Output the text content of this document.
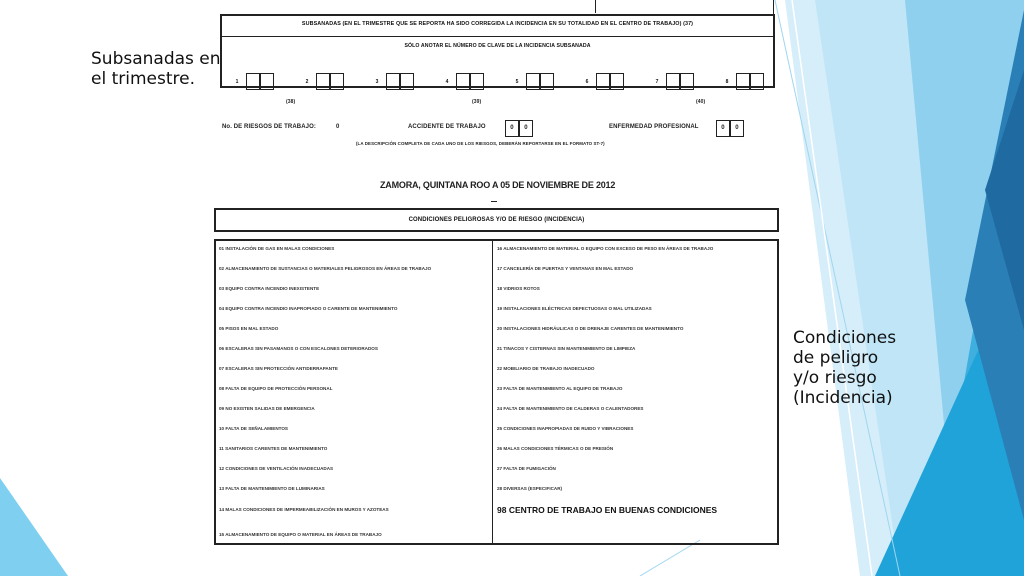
Subsanadas en
el trimestre.
Condiciones
de peligro
y/o riesgo
(Incidencia)
SUBSANADAS (EN EL TRIMESTRE QUE SE REPORTA HA SIDO CORREGIDA LA INCIDENCIA EN SU TOTALIDAD EN EL CENTRO DE TRABAJO) (37)
SÓLO ANOTAR EL NÚMERO DE CLAVE DE LA INCIDENCIA SUBSANADA
1	2	3	4	5	6	7	8
(38)	(39)	(40)
No. DE RIESGOS DE TRABAJO:	0	ACCIDENTE DE TRABAJO	0 0	ENFERMEDAD PROFESIONAL	0 0
(LA DESCRIPCIÓN COMPLETA DE CADA UNO DE LOS RIESGOS, DEBERÁN REPORTARSE EN EL FORMATO ST-7)
ZAMORA, QUINTANA ROO A 05 DE NOVIEMBRE DE 2012
CONDICIONES PELIGROSAS Y/O DE RIESGO (INCIDENCIA)
01 INSTALACIÓN DE GAS EN MALAS CONDICIONES
02 ALMACENAMIENTO DE SUSTANCIAS O MATERIALES PELIGROSOS EN ÁREAS DE TRABAJO
03 EQUIPO CONTRA INCENDIO INEXISTENTE
04 EQUIPO CONTRA INCENDIO INAPROPIADO O CARENTE DE MANTENIMIENTO
05 PISOS EN MAL ESTADO
06 ESCALERAS SIN PASAMANOS O CON ESCALONES DETERIORADOS
07 ESCALERAS SIN PROTECCIÓN ANTIDERRAPANTE
08 FALTA DE EQUIPO DE PROTECCIÓN PERSONAL
09 NO EXISTEN SALIDAS DE EMERGENCIA
10 FALTA DE SEÑALAMIENTOS
11 SANITARIOS CARENTES DE MANTENIMIENTO
12 CONDICIONES DE VENTILACIÓN INADECUADAS
13 FALTA DE MANTENIMIENTO DE LUMINARIAS
14 MALAS CONDICIONES DE IMPERMEABILIZACIÓN EN MUROS Y AZOTEAS
15 ALMACENAMIENTO DE EQUIPO O MATERIAL EN ÁREAS DE TRABAJO
16 ALMACENAMIENTO DE MATERIAL O EQUIPO CON EXCESO DE PESO EN ÁREAS DE TRABAJO
17 CANCELERÍA DE PUERTAS Y VENTANAS EN MAL ESTADO
18 VIDRIOS ROTOS
19 INSTALACIONES ELÉCTRICAS DEFECTUOSAS O MAL UTILIZADAS
20 INSTALACIONES HIDRÁULICAS O DE DRENAJE CARENTES DE MANTENIMIENTO
21 TINACOS Y CISTERNAS SIN MANTENIMIENTO DE LIMPIEZA
22 MOBILIARIO DE TRABAJO INADECUADO
23 FALTA DE MANTENIMIENTO AL EQUIPO DE TRABAJO
24 FALTA DE MANTENIMIENTO DE CALDERAS O CALENTADORES
25 CONDICIONES INAPROPIADAS DE RUIDO Y VIBRACIONES
26 MALAS CONDICIONES TÉRMICAS O DE PRESIÓN
27 FALTA DE FUMIGACIÓN
28 DIVERSAS (ESPECIFICAR)
98 CENTRO DE TRABAJO EN BUENAS CONDICIONES
